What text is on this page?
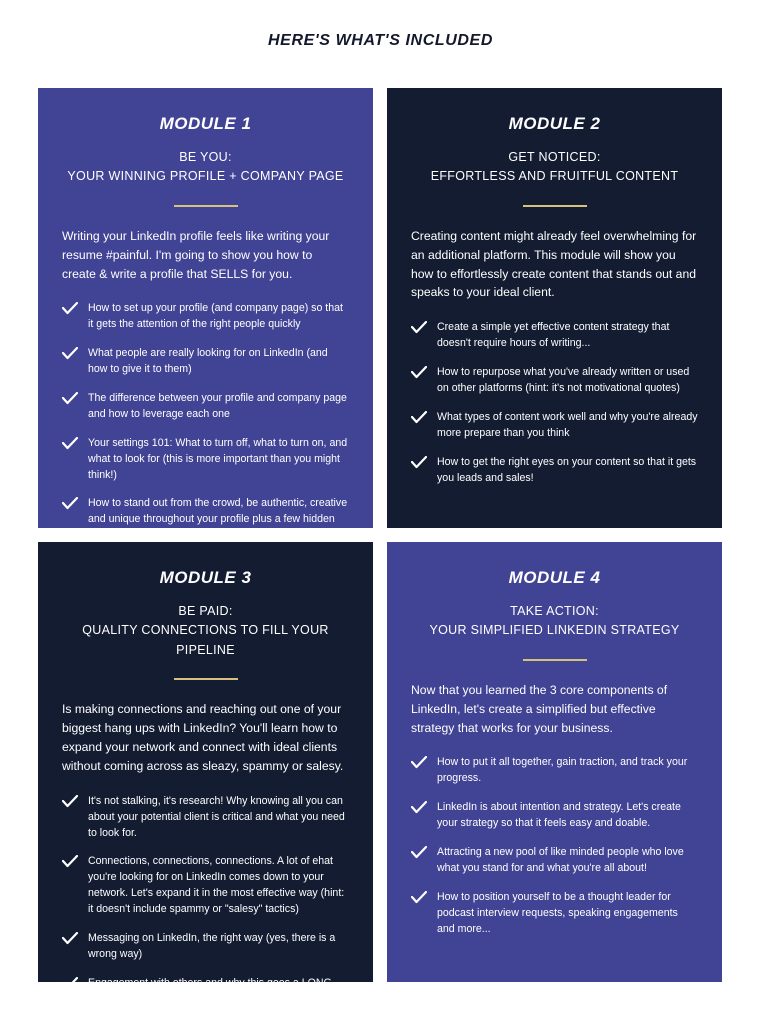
HERE'S WHAT'S INCLUDED
MODULE 1
BE YOU:
YOUR WINNING PROFILE + COMPANY PAGE

Writing your LinkedIn profile feels like writing your resume #painful. I'm going to show you how to create & write a profile that SELLS for you.

How to set up your profile (and company page) so that it gets the attention of the right people quickly
What people are really looking for on LinkedIn (and how to give it to them)
The difference between your profile and company page and how to leverage each one
Your settings 101: What to turn off, what to turn on, and what to look for (this is more important than you might think!)
How to stand out from the crowd, be authentic, creative and unique throughout your profile plus a few hidden tips no one's really talking about.
MODULE 2
GET NOTICED:
EFFORTLESS AND FRUITFUL CONTENT

Creating content might already feel overwhelming for an additional platform. This module will show you how to effortlessly create content that stands out and speaks to your ideal client.

Create a simple yet effective content strategy that doesn't require hours of writing...
How to repurpose what you've already written or used on other platforms (hint: it's not motivational quotes)
What types of content work well and why you're already more prepare than you think
How to get the right eyes on your content so that it gets you leads and sales!
MODULE 3
BE PAID:
QUALITY CONNECTIONS TO FILL YOUR PIPELINE

Is making connections and reaching out one of your biggest hang ups with LinkedIn? You'll learn how to expand your network and connect with ideal clients without coming across as sleazy, spammy or salesy.

It's not stalking, it's research! Why knowing all you can about your potential client is critical and what you need to look for.
Connections, connections, connections. A lot of ehat you're looking for on LinkedIn comes down to your network. Let's expand it in the most effective way (hint: it doesn't include spammy or "salesy" tactics)
Messaging on LinkedIn, the right way (yes, there is a wrong way)
Engagement with others and why this goes a LONG way when you do it right
MODULE 4
TAKE ACTION:
YOUR SIMPLIFIED LINKEDIN STRATEGY

Now that you learned the 3 core components of LinkedIn, let's create a simplified but effective strategy that works for your business.

How to put it all together, gain traction, and track your progress.
LinkedIn is about intention and strategy. Let's create your strategy so that it feels easy and doable.
Attracting a new pool of like minded people who love what you stand for and what you're all about!
How to position yourself to be a thought leader for podcast interview requests, speaking engagements and more...
